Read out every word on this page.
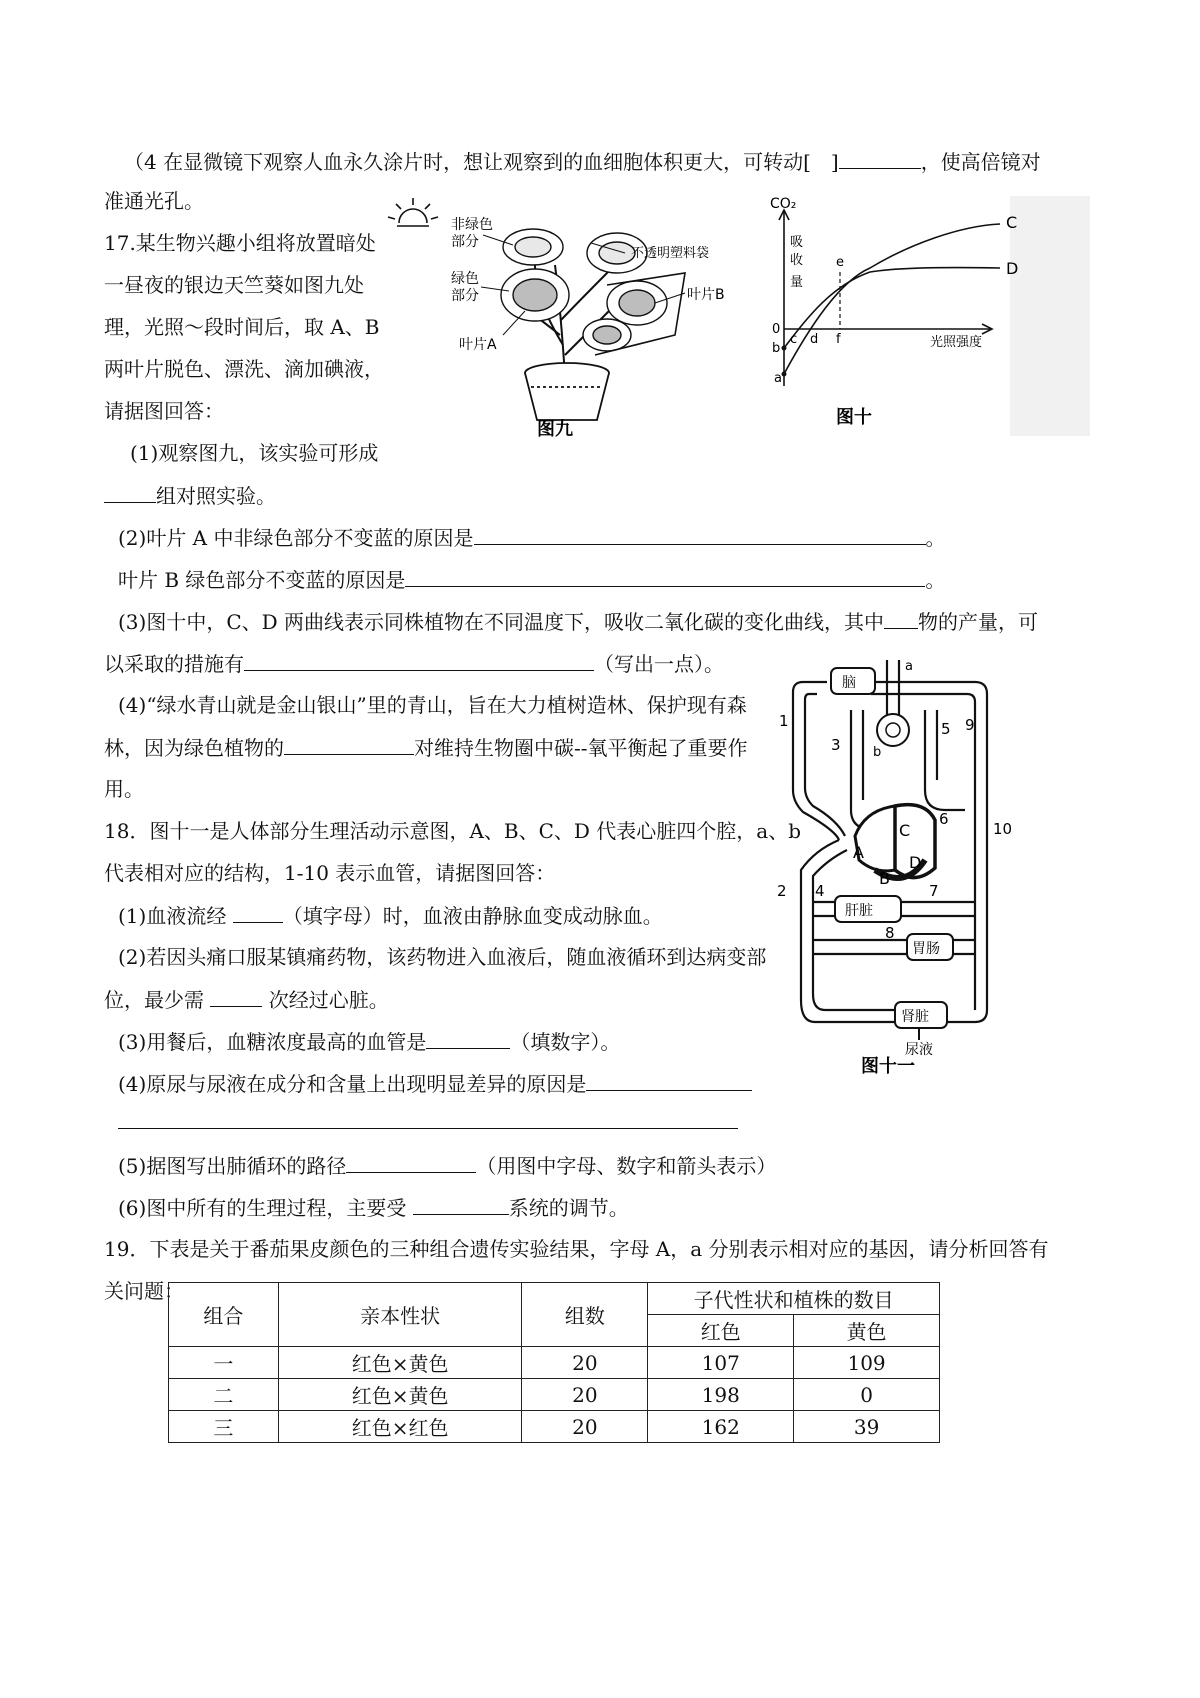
（4 在显微镜下观察人血永久涂片时，想让观察到的血细胞体积更大，可转动[　]	，使高倍镜对
准通光孔。
17.某生物兴趣小组将放置暗处
一昼夜的银边天竺葵如图九处
理，光照～段时间后，取 A、B
两叶片脱色、漂洗、滴加碘液，
请据图回答：
(1)观察图九，该实验可形成
组对照实验。
(2)叶片 A 中非绿色部分不变蓝的原因是	。
叶片 B 绿色部分不变蓝的原因是	。
(3)图十中，C、D 两曲线表示同株植物在不同温度下，吸收二氧化碳的变化曲线，其中 物的产量，可
以采取的措施有	（写出一点）。
(4)“绿水青山就是金山银山”里的青山，旨在大力植树造林、保护现有森
林，因为绿色植物的	对维持生物圈中碳--氧平衡起了重要作
用。
非绿色
部分
绿色
部分
不透明塑料袋
叶片B
叶片A
图九
CO₂
吸
收
量
C
D
e
0
b
a
c d f	光照强度
图十
18．图十一是人体部分生理活动示意图，A、B、C、D 代表心脏四个腔，a、b
代表相对应的结构，1-10 表示血管，请据图回答：
(1)血液流经	（填字母）时，血液由静脉血变成动脉血。
(2)若因头痛口服某镇痛药物，该药物进入血液后，随血液循环到达病变部
位，最少需	次经过心脏。
(3)用餐后，血糖浓度最高的血管是	（填数字）。
(4)原尿与尿液在成分和含量上出现明显差异的原因是
(5)据图写出肺循环的路径	（用图中字母、数字和箭头表示）
(6)图中所有的生理过程，主要受	系统的调节。
脑
肝脏
胃肠
肾脏
尿液
A
B
C
D
a
b
1
2
3
4
5
6
7
8
9
10
图十一
19．下表是关于番茄果皮颜色的三种组合遗传实验结果，字母 A，a 分别表示相对应的基因，请分析回答有
关问题：
组合	亲本性状	组数	子代性状和植株的数目	
			红色	黄色
一	红色×黄色	20	107	109
二	红色×黄色	20	198	0
三	红色×红色	20	162	39
